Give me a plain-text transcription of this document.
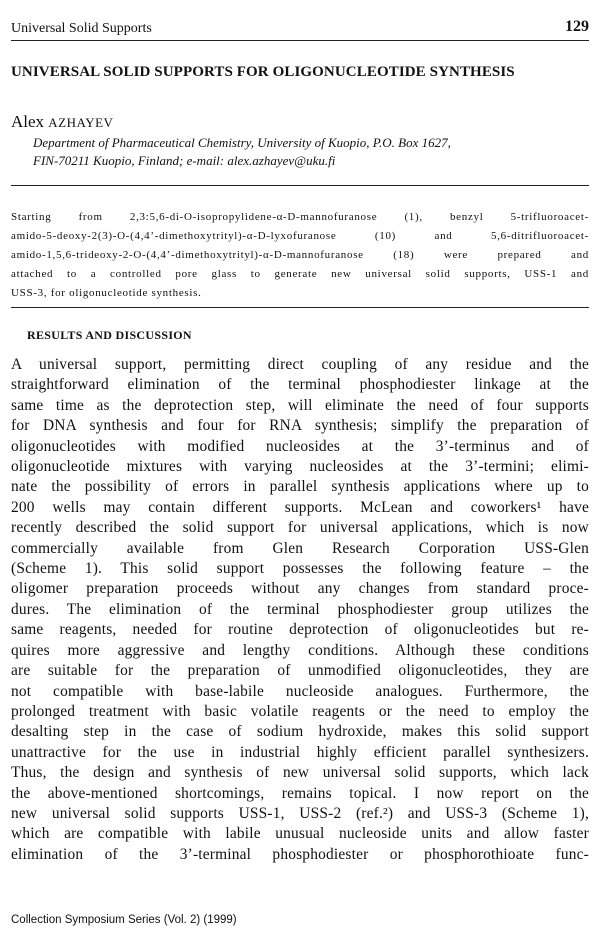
Universal Solid Supports	129
UNIVERSAL SOLID SUPPORTS FOR OLIGONUCLEOTIDE SYNTHESIS
Alex AZHAYEV
Department of Pharmaceutical Chemistry, University of Kuopio, P.O. Box 1627,
FIN-70211 Kuopio, Finland; e-mail: alex.azhayev@uku.fi
Starting from 2,3:5,6-di-O-isopropylidene-α-D-mannofuranose (1), benzyl 5-trifluoroacet-
amido-5-deoxy-2(3)-O-(4,4’-dimethoxytrityl)-α-D-lyxofuranose (10) and 5,6-ditrifluoroacet-
amido-1,5,6-trideoxy-2-O-(4,4’-dimethoxytrityl)-α-D-mannofuranose (18) were prepared and
attached to a controlled pore glass to generate new universal solid supports, USS-1 and
USS-3, for oligonucleotide synthesis.
RESULTS AND DISCUSSION
A universal support, permitting direct coupling of any residue and the
straightforward elimination of the terminal phosphodiester linkage at the
same time as the deprotection step, will eliminate the need of four supports
for DNA synthesis and four for RNA synthesis; simplify the preparation of
oligonucleotides with modified nucleosides at the 3’-terminus and of
oligonucleotide mixtures with varying nucleosides at the 3’-termini; elimi-
nate the possibility of errors in parallel synthesis applications where up to
200 wells may contain different supports. McLean and coworkers¹ have
recently described the solid support for universal applications, which is now
commercially available from Glen Research Corporation USS-Glen
(Scheme 1). This solid support possesses the following feature – the
oligomer preparation proceeds without any changes from standard proce-
dures. The elimination of the terminal phosphodiester group utilizes the
same reagents, needed for routine deprotection of oligonucleotides but re-
quires more aggressive and lengthy conditions. Although these conditions
are suitable for the preparation of unmodified oligonucleotides, they are
not compatible with base-labile nucleoside analogues. Furthermore, the
prolonged treatment with basic volatile reagents or the need to employ the
desalting step in the case of sodium hydroxide, makes this solid support
unattractive for the use in industrial highly efficient parallel synthesizers.
Thus, the design and synthesis of new universal solid supports, which lack
the above-mentioned shortcomings, remains topical. I now report on the
new universal solid supports USS-1, USS-2 (ref.²) and USS-3 (Scheme 1),
which are compatible with labile unusual nucleoside units and allow faster
elimination of the 3’-terminal phosphodiester or phosphorothioate func-
Collection Symposium Series (Vol. 2) (1999)
